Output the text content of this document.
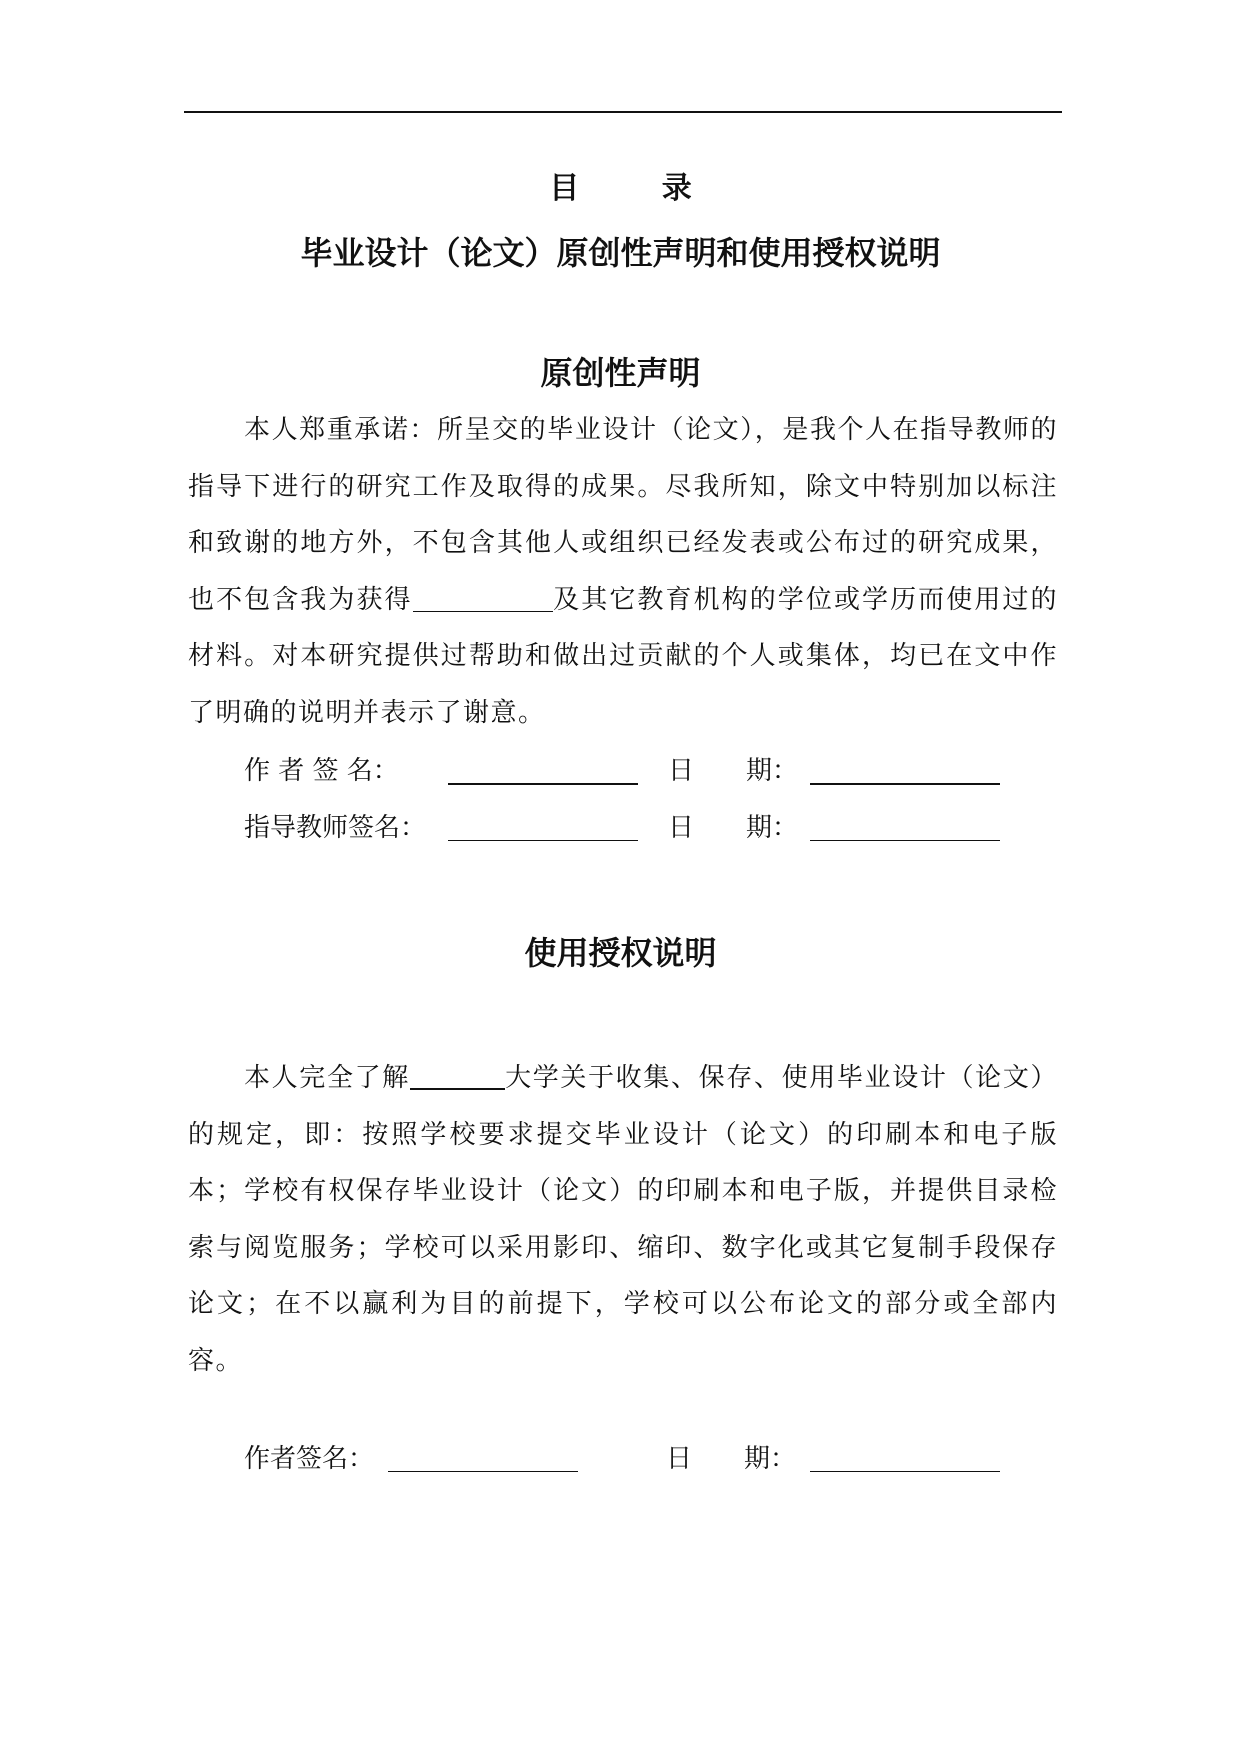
目 录
毕业设计（论文）原创性声明和使用授权说明
原创性声明

本人郑重承诺：所呈交的毕业设计（论文），是我个人在指导教师的指导下进行的研究工作及取得的成果。尽我所知，除文中特别加以标注和致谢的地方外，不包含其他人或组织已经发表或公布过的研究成果，也不包含我为获得	及其它教育机构的学位或学历而使用过的材料。对本研究提供过帮助和做出过贡献的个人或集体，均已在文中作了明确的说明并表示了谢意。

作 者 签 名：	日　　期：
指导教师签名：	日　　期：
使用授权说明

本人完全了解	大学关于收集、保存、使用毕业设计（论文）的规定，即：按照学校要求提交毕业设计（论文）的印刷本和电子版本；学校有权保存毕业设计（论文）的印刷本和电子版，并提供目录检索与阅览服务；学校可以采用影印、缩印、数字化或其它复制手段保存论文；在不以赢利为目的前提下，学校可以公布论文的部分或全部内容。

作者签名：	日　　期：
